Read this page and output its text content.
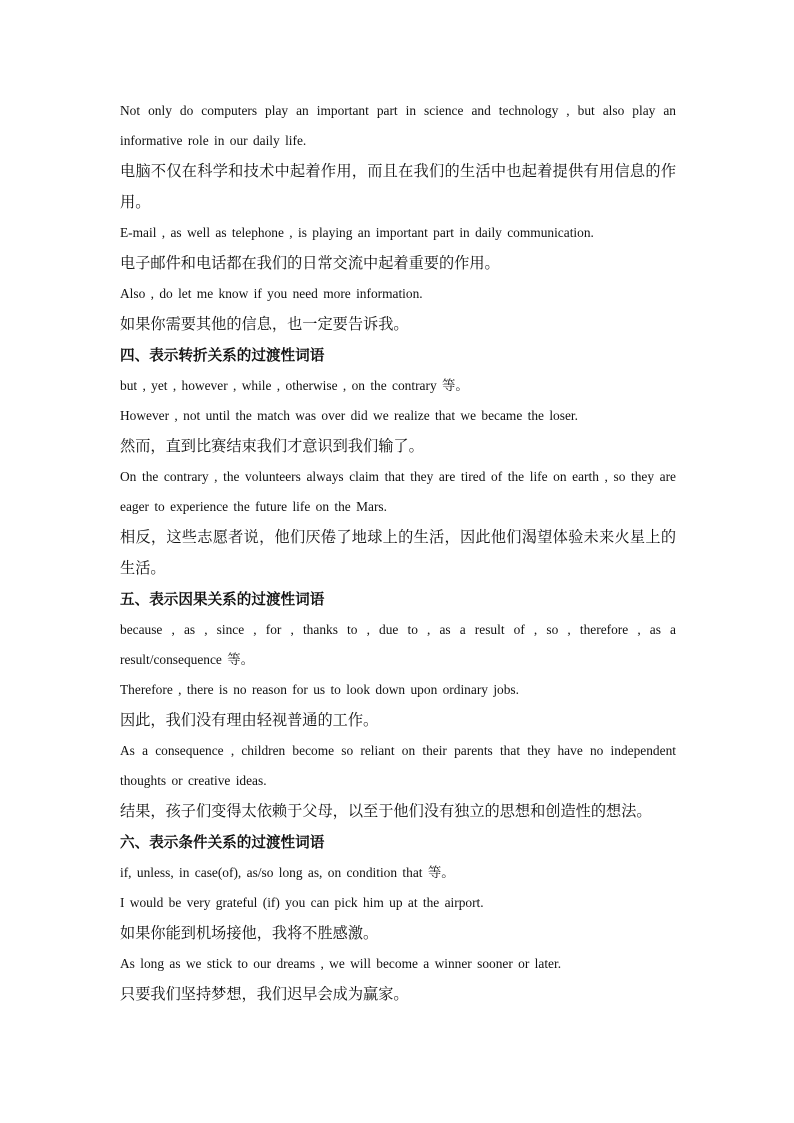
Not only do computers play an important part in science and technology , but also play an informative role in our daily life.

电脑不仅在科学和技术中起着作用，而且在我们的生活中也起着提供有用信息的作用。

E-mail , as well as telephone , is playing an important part in daily communication.

电子邮件和电话都在我们的日常交流中起着重要的作用。

Also , do let me know if you need more information.

如果你需要其他的信息，也一定要告诉我。

四、表示转折关系的过渡性词语

but , yet , however , while , otherwise , on the contrary 等。

However , not until the match was over did we realize that we became the loser.

然而，直到比赛结束我们才意识到我们输了。

On the contrary , the volunteers always claim that they are tired of the life on earth , so they are eager to experience the future life on the Mars.

相反，这些志愿者说，他们厌倦了地球上的生活，因此他们渴望体验未来火星上的生活。

五、表示因果关系的过渡性词语

because , as , since , for , thanks to , due to , as a result of , so , therefore , as a result/consequence 等。

Therefore , there is no reason for us to look down upon ordinary jobs.

因此，我们没有理由轻视普通的工作。

As a consequence , children become so reliant on their parents that they have no independent thoughts or creative ideas.

结果，孩子们变得太依赖于父母，以至于他们没有独立的思想和创造性的想法。

六、表示条件关系的过渡性词语

if, unless, in case(of), as/so long as, on condition that 等。

I would be very grateful (if) you can pick him up at the airport.

如果你能到机场接他，我将不胜感激。

As long as we stick to our dreams , we will become a winner sooner or later.

只要我们坚持梦想，我们迟早会成为赢家。
